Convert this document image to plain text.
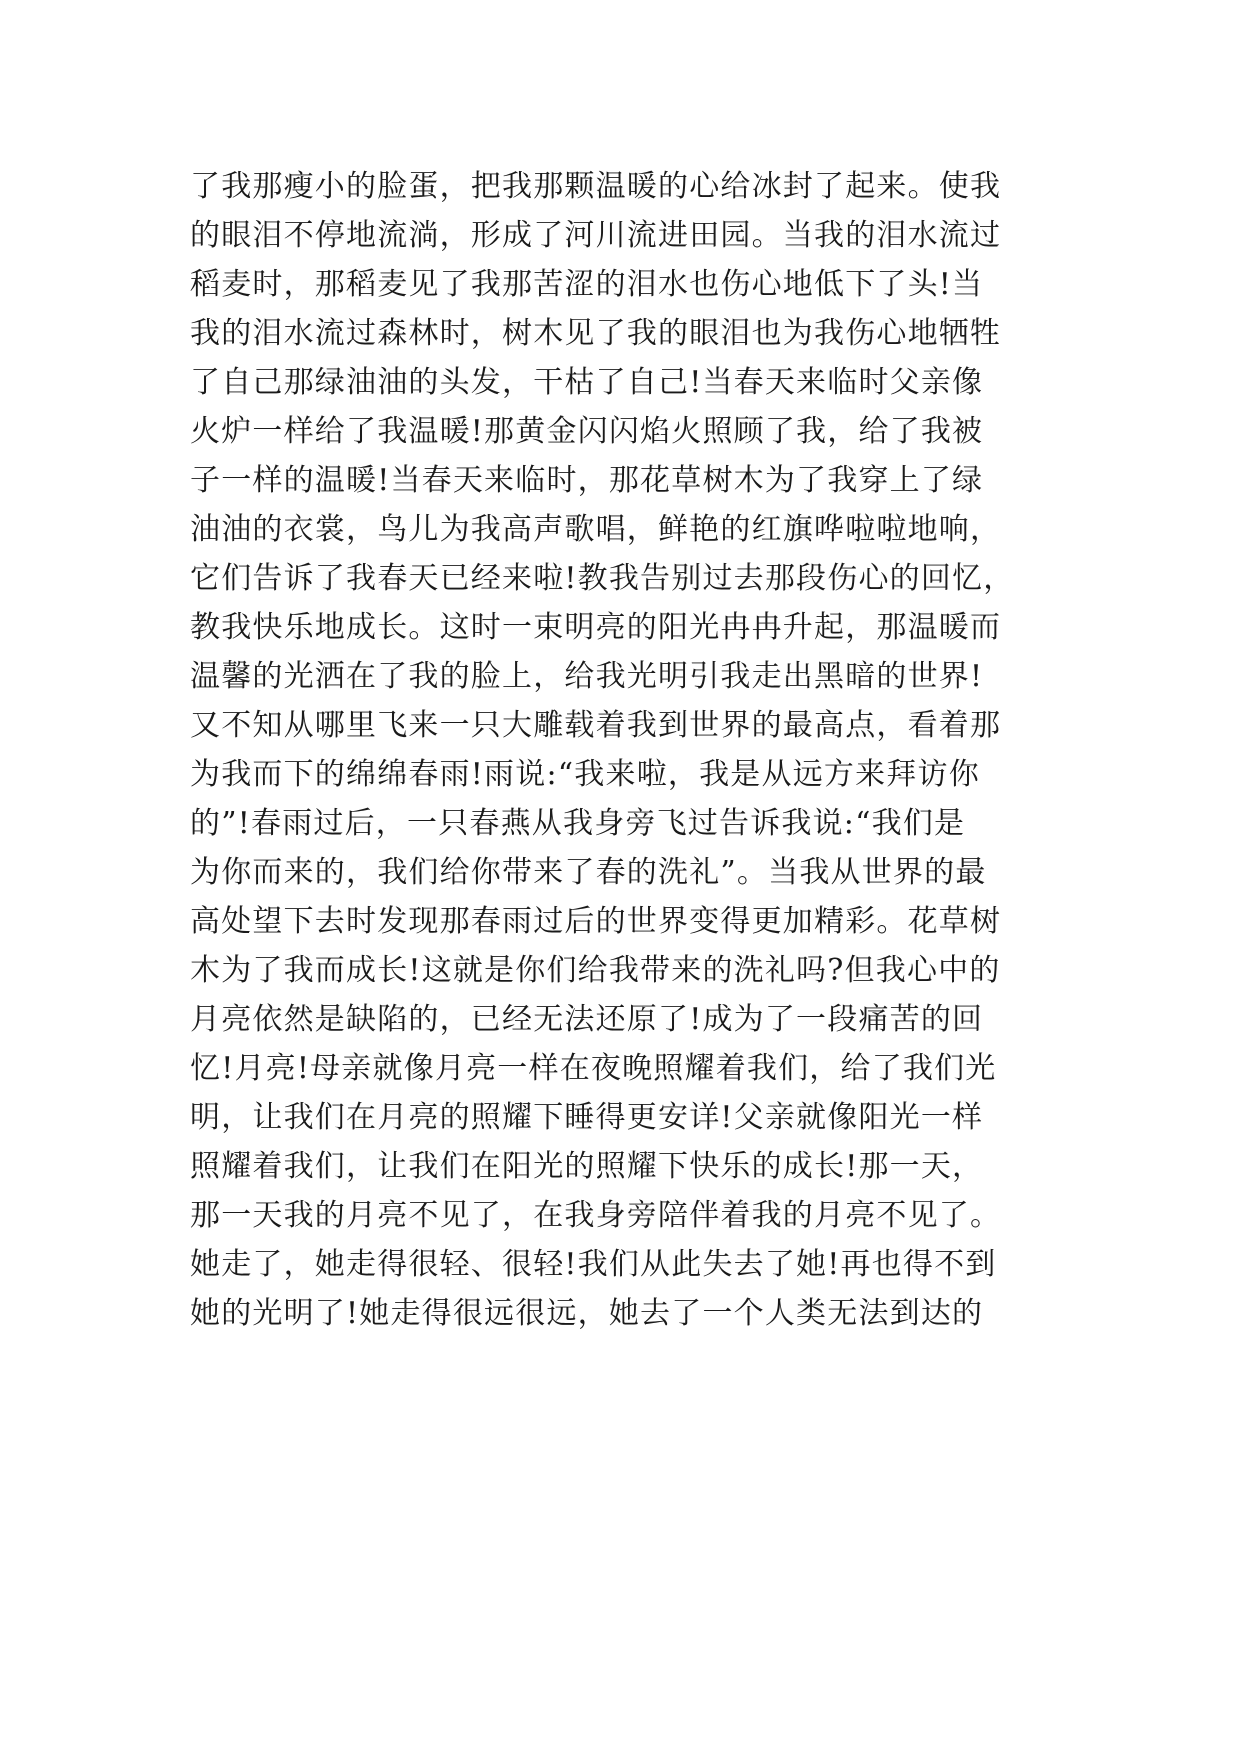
了我那瘦小的脸蛋，把我那颗温暖的心给冰封了起来。使我
的眼泪不停地流淌，形成了河川流进田园。当我的泪水流过
稻麦时，那稻麦见了我那苦涩的泪水也伤心地低下了头!当
我的泪水流过森林时，树木见了我的眼泪也为我伤心地牺牲
了自己那绿油油的头发，干枯了自己!当春天来临时父亲像
火炉一样给了我温暖!那黄金闪闪焰火照顾了我，给了我被
子一样的温暖!当春天来临时，那花草树木为了我穿上了绿
油油的衣裳，鸟儿为我高声歌唱，鲜艳的红旗哗啦啦地响，
它们告诉了我春天已经来啦!教我告别过去那段伤心的回忆，
教我快乐地成长。这时一束明亮的阳光冉冉升起，那温暖而
温馨的光洒在了我的脸上，给我光明引我走出黑暗的世界!
又不知从哪里飞来一只大雕载着我到世界的最高点，看着那
为我而下的绵绵春雨!雨说:“我来啦，我是从远方来拜访你
的”!春雨过后，一只春燕从我身旁飞过告诉我说:“我们是
为你而来的，我们给你带来了春的洗礼”。当我从世界的最
高处望下去时发现那春雨过后的世界变得更加精彩。花草树
木为了我而成长!这就是你们给我带来的洗礼吗?但我心中的
月亮依然是缺陷的，已经无法还原了!成为了一段痛苦的回
忆!月亮!母亲就像月亮一样在夜晚照耀着我们，给了我们光
明，让我们在月亮的照耀下睡得更安详!父亲就像阳光一样
照耀着我们，让我们在阳光的照耀下快乐的成长!那一天，
那一天我的月亮不见了，在我身旁陪伴着我的月亮不见了。
她走了，她走得很轻、很轻!我们从此失去了她!再也得不到
她的光明了!她走得很远很远，她去了一个人类无法到达的
